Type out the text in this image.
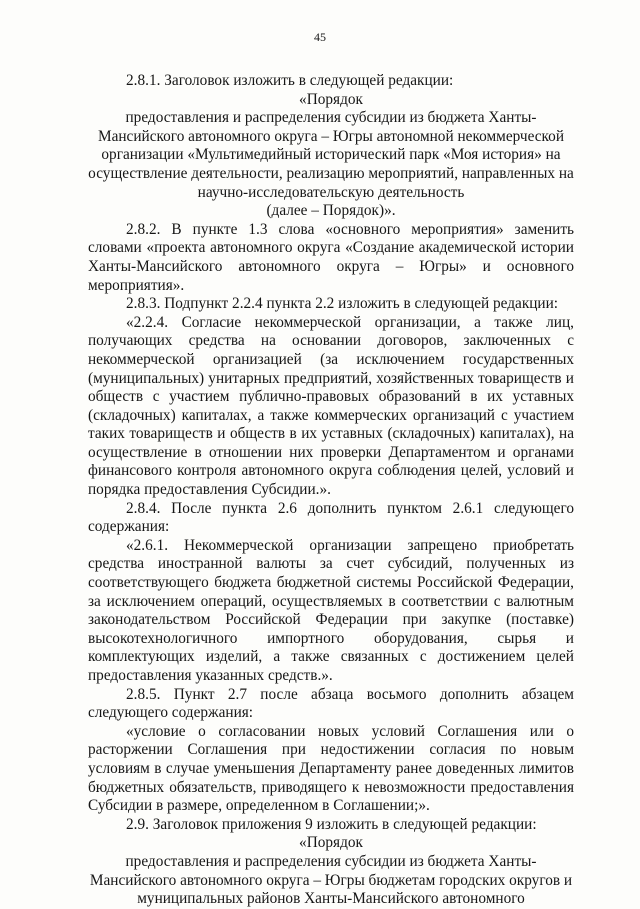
45

2.8.1. Заголовок изложить в следующей редакции:

«Порядок

предоставления и распределения субсидии из бюджета Ханты-Мансийского автономного округа – Югры автономной некоммерческой организации «Мультимедийный исторический парк «Моя история» на осуществление деятельности, реализацию мероприятий, направленных на научно-исследовательскую деятельность

(далее – Порядок)».

2.8.2. В пункте 1.3 слова «основного мероприятия» заменить словами «проекта автономного округа «Создание академической истории Ханты-Мансийского автономного округа – Югры» и основного мероприятия».

2.8.3. Подпункт 2.2.4 пункта 2.2 изложить в следующей редакции:

«2.2.4. Согласие некоммерческой организации, а также лиц, получающих средства на основании договоров, заключенных с некоммерческой организацией (за исключением государственных (муниципальных) унитарных предприятий, хозяйственных товариществ и обществ с участием публично-правовых образований в их уставных (складочных) капиталах, а также коммерческих организаций с участием таких товариществ и обществ в их уставных (складочных) капиталах), на осуществление в отношении них проверки Департаментом и органами финансового контроля автономного округа соблюдения целей, условий и порядка предоставления Субсидии.».

2.8.4. После пункта 2.6 дополнить пунктом 2.6.1 следующего содержания:

«2.6.1. Некоммерческой организации запрещено приобретать средства иностранной валюты за счет субсидий, полученных из соответствующего бюджета бюджетной системы Российской Федерации, за исключением операций, осуществляемых в соответствии с валютным законодательством Российской Федерации при закупке (поставке) высокотехнологичного импортного оборудования, сырья и комплектующих изделий, а также связанных с достижением целей предоставления указанных средств.».

2.8.5. Пункт 2.7 после абзаца восьмого дополнить абзацем следующего содержания:

«условие о согласовании новых условий Соглашения или о расторжении Соглашения при недостижении согласия по новым условиям в случае уменьшения Департаменту ранее доведенных лимитов бюджетных обязательств, приводящего к невозможности предоставления Субсидии в размере, определенном в Соглашении;».

2.9. Заголовок приложения 9 изложить в следующей редакции:

«Порядок

предоставления и распределения субсидии из бюджета Ханты-Мансийского автономного округа – Югры бюджетам городских округов и муниципальных районов Ханты-Мансийского автономного
